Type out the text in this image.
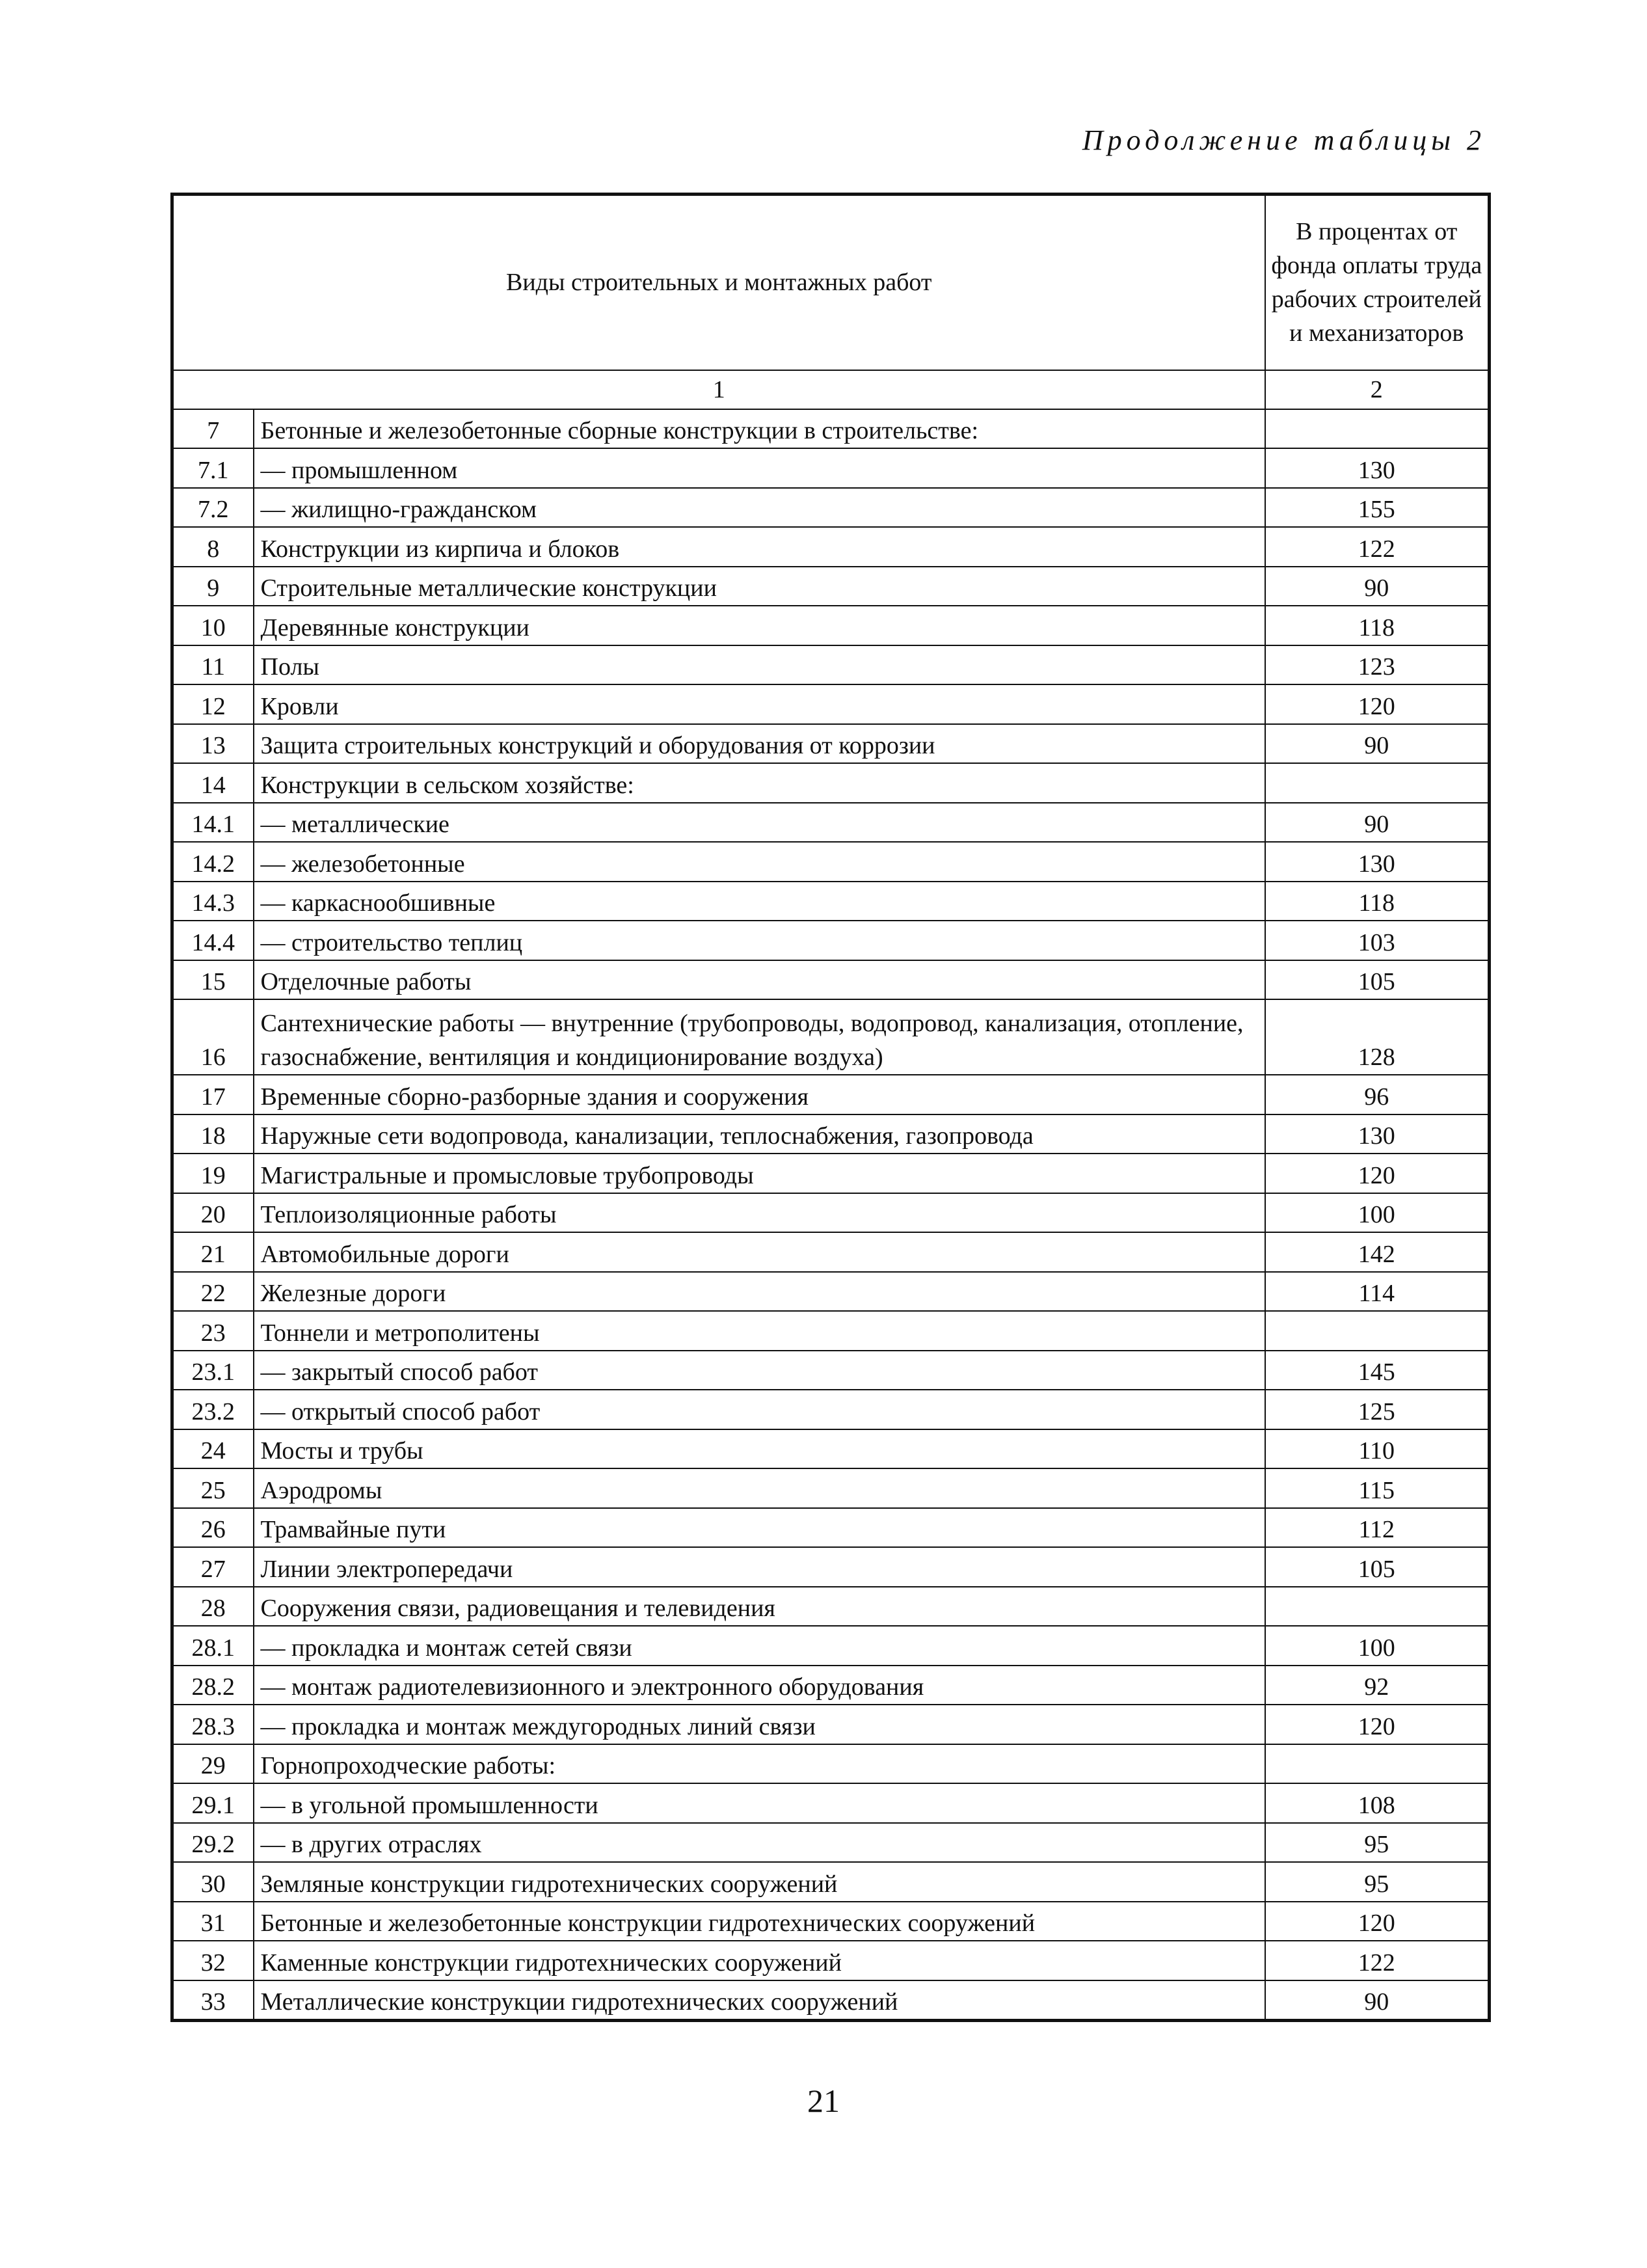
Продолжение таблицы 2
Виды строительных и монтажных работ		В процентах от фонда оплаты труда рабочих строителей и механизаторов
1		2
7	Бетонные и железобетонные сборные конструкции в строительстве:	
7.1	— промышленном	130
7.2	— жилищно-гражданском	155
8	Конструкции из кирпича и блоков	122
9	Строительные металлические конструкции	90
10	Деревянные конструкции	118
11	Полы	123
12	Кровли	120
13	Защита строительных конструкций и оборудования от коррозии	90
14	Конструкции в сельском хозяйстве:	
14.1	— металлические	90
14.2	— железобетонные	130
14.3	— каркаснообшивные	118
14.4	— строительство теплиц	103
15	Отделочные работы	105
16	Сантехнические работы — внутренние (трубопроводы, водопровод, канализация, отопление, газоснабжение, вентиляция и кондиционирование воздуха)	128
17	Временные сборно-разборные здания и сооружения	96
18	Наружные сети водопровода, канализации, теплоснабжения, газопровода	130
19	Магистральные и промысловые трубопроводы	120
20	Теплоизоляционные работы	100
21	Автомобильные дороги	142
22	Железные дороги	114
23	Тоннели и метрополитены	
23.1	— закрытый способ работ	145
23.2	— открытый способ работ	125
24	Мосты и трубы	110
25	Аэродромы	115
26	Трамвайные пути	112
27	Линии электропередачи	105
28	Сооружения связи, радиовещания и телевидения	
28.1	— прокладка и монтаж сетей связи	100
28.2	— монтаж радиотелевизионного и электронного оборудования	92
28.3	— прокладка и монтаж междугородных линий связи	120
29	Горнопроходческие работы:	
29.1	— в угольной промышленности	108
29.2	— в других отраслях	95
30	Земляные конструкции гидротехнических сооружений	95
31	Бетонные и железобетонные конструкции гидротехнических сооружений	120
32	Каменные конструкции гидротехнических сооружений	122
33	Металлические конструкции гидротехнических сооружений	90
21
